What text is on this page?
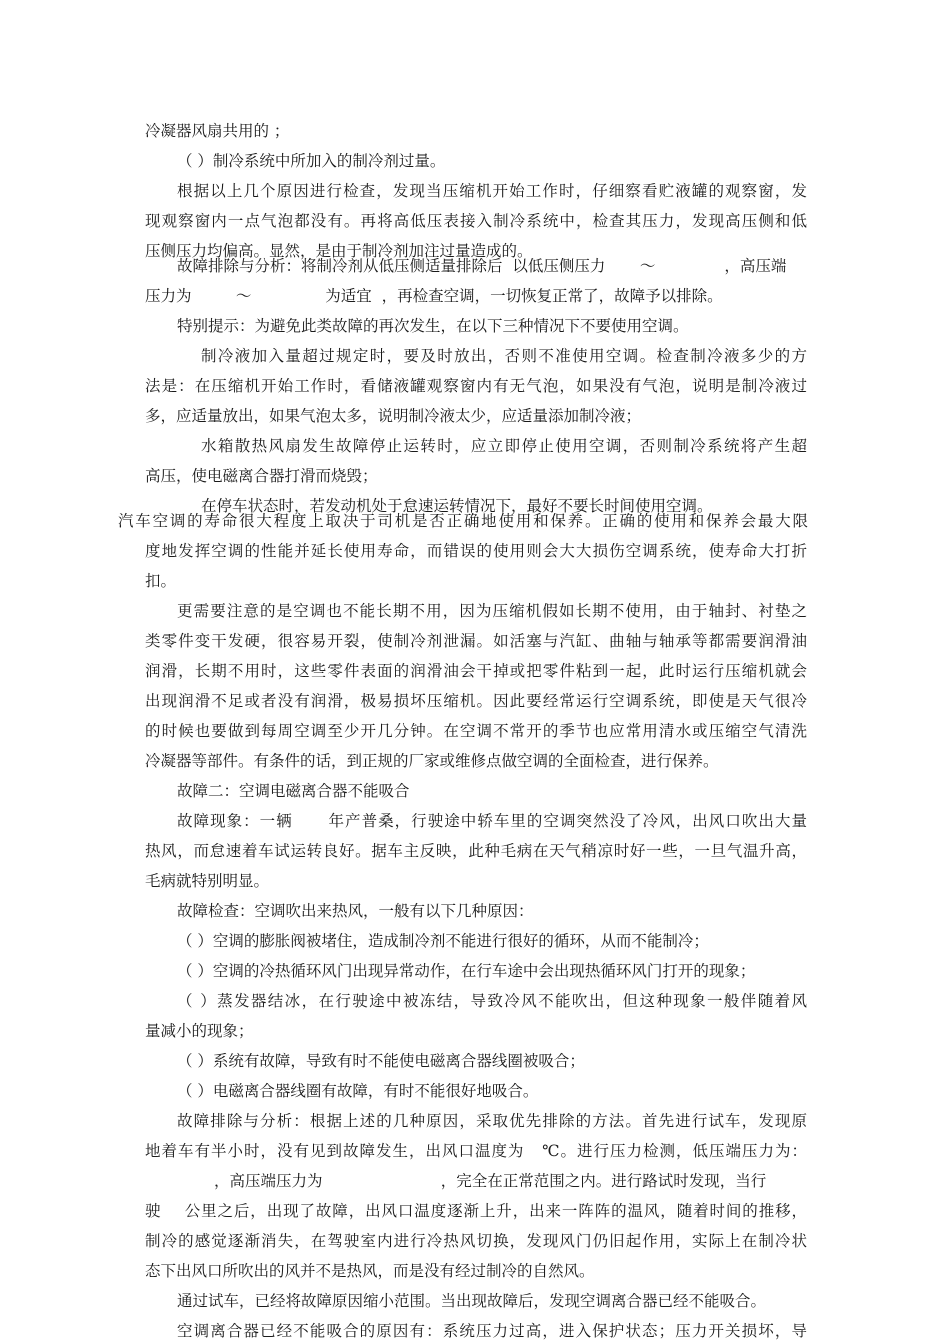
冷凝器风扇共用的 ；
（ ）制冷系统中所加入的制冷剂过量。
根据以上几个原因进行检查，发现当压缩机开始工作时，仔细察看贮液罐的观察窗，发
现观察窗内一点气泡都没有。再将高低压表接入制冷系统中，检查其压力，发现高压侧和低
压侧压力均偏高。显然，是由于制冷剂加注过量造成的。
故障排除与分析：将制冷剂从低压侧适量排除后  以低压侧压力       ～              ，高压端
压力为         ～               为适宜  ，再检查空调，一切恢复正常了，故障予以排除。
特别提示：为避免此类故障的再次发生，在以下三种情况下不要使用空调。
制冷液加入量超过规定时，要及时放出，否则不准使用空调。检查制冷液多少的方
法是：在压缩机开始工作时，看储液罐观察窗内有无气泡，如果没有气泡，说明是制冷液过
多，应适量放出，如果气泡太多，说明制冷液太少，应适量添加制冷液；
水箱散热风扇发生故障停止运转时，应立即停止使用空调，否则制冷系统将产生超
高压，使电磁离合器打滑而烧毁；
在停车状态时，若发动机处于怠速运转情况下，最好不要长时间使用空调。
汽车空调的寿命很大程度上取决于司机是否正确地使用和保养。正确的使用和保养会最大限
度地发挥空调的性能并延长使用寿命，而错误的使用则会大大损伤空调系统，使寿命大打折
扣。
更需要注意的是空调也不能长期不用，因为压缩机假如长期不使用，由于轴封、衬垫之
类零件变干发硬，很容易开裂，使制冷剂泄漏。如活塞与汽缸、曲轴与轴承等都需要润滑油
润滑，长期不用时，这些零件表面的润滑油会干掉或把零件粘到一起，此时运行压缩机就会
出现润滑不足或者没有润滑，极易损坏压缩机。因此要经常运行空调系统，即使是天气很冷
的时候也要做到每周空调至少开几分钟。在空调不常开的季节也应常用清水或压缩空气清洗
冷凝器等部件。有条件的话，到正规的厂家或维修点做空调的全面检查，进行保养。
故障二：空调电磁离合器不能吸合
故障现象：一辆      年产普桑，行驶途中轿车里的空调突然没了冷风，出风口吹出大量
热风，而怠速着车试运转良好。据车主反映，此种毛病在天气稍凉时好一些，一旦气温升高，
毛病就特别明显。
故障检查：空调吹出来热风，一般有以下几种原因：
（ ）空调的膨胀阀被堵住，造成制冷剂不能进行很好的循环，从而不能制冷；
（ ）空调的冷热循环风门出现异常动作，在行车途中会出现热循环风门打开的现象；
（ ）蒸发器结冰，在行驶途中被冻结，导致冷风不能吹出，但这种现象一般伴随着风
量减小的现象；
（ ）系统有故障，导致有时不能使电磁离合器线圈被吸合；
（ ）电磁离合器线圈有故障，有时不能很好地吸合。
故障排除与分析：根据上述的几种原因，采取优先排除的方法。首先进行试车，发现原
地着车有半小时，没有见到故障发生，出风口温度为   ℃。进行压力检测，低压端压力为：
，高压端压力为                        ，完全在正常范围之内。进行路试时发现，当行
驶    公里之后，出现了故障，出风口温度逐渐上升，出来一阵阵的温风，随着时间的推移，
制冷的感觉逐渐消失，在驾驶室内进行冷热风切换，发现风门仍旧起作用，实际上在制冷状
态下出风口所吹出的风并不是热风，而是没有经过制冷的自然风。
通过试车，已经将故障原因缩小范围。当出现故障后，发现空调离合器已经不能吸合。
空调离合器已经不能吸合的原因有：系统压力过高，进入保护状态；压力开关损坏，导
